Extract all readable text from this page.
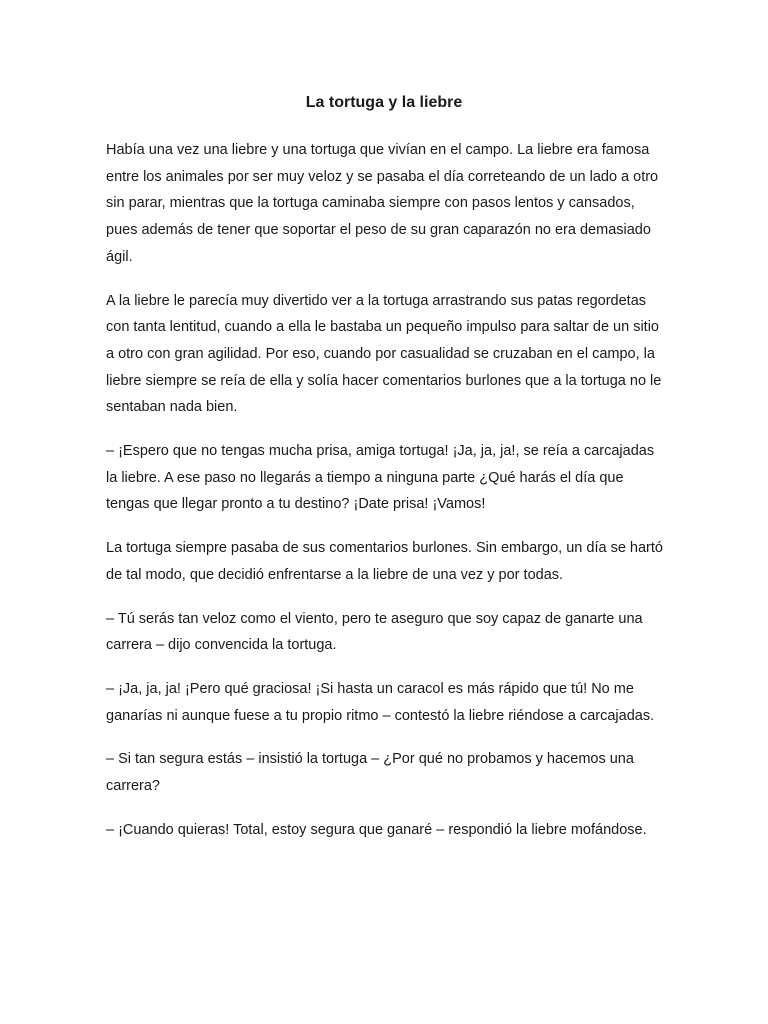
La tortuga y la liebre

Había una vez una liebre y una tortuga que vivían en el campo. La liebre era famosa entre los animales por ser muy veloz y se pasaba el día correteando de un lado a otro sin parar, mientras que la tortuga caminaba siempre con pasos lentos y cansados, pues además de tener que soportar el peso de su gran caparazón no era demasiado ágil.

A la liebre le parecía muy divertido ver a la tortuga arrastrando sus patas regordetas con tanta lentitud, cuando a ella le bastaba un pequeño impulso para saltar de un sitio a otro con gran agilidad. Por eso, cuando por casualidad se cruzaban en el campo, la liebre siempre se reía de ella y solía hacer comentarios burlones que a la tortuga no le sentaban nada bien.

– ¡Espero que no tengas mucha prisa, amiga tortuga! ¡Ja, ja, ja!, se reía a carcajadas la liebre. A ese paso no llegarás a tiempo a ninguna parte ¿Qué harás el día que tengas que llegar pronto a tu destino? ¡Date prisa! ¡Vamos!

La tortuga siempre pasaba de sus comentarios burlones. Sin embargo, un día se hartó de tal modo, que decidió enfrentarse a la liebre de una vez y por todas.

– Tú serás tan veloz como el viento, pero te aseguro que soy capaz de ganarte una carrera – dijo convencida la tortuga.

– ¡Ja, ja, ja! ¡Pero qué graciosa! ¡Si hasta un caracol es más rápido que tú! No me ganarías ni aunque fuese a tu propio ritmo – contestó la liebre riéndose a carcajadas.

– Si tan segura estás – insistió la tortuga – ¿Por qué no probamos y hacemos una carrera?

– ¡Cuando quieras! Total, estoy segura que ganaré – respondió la liebre mofándose.
